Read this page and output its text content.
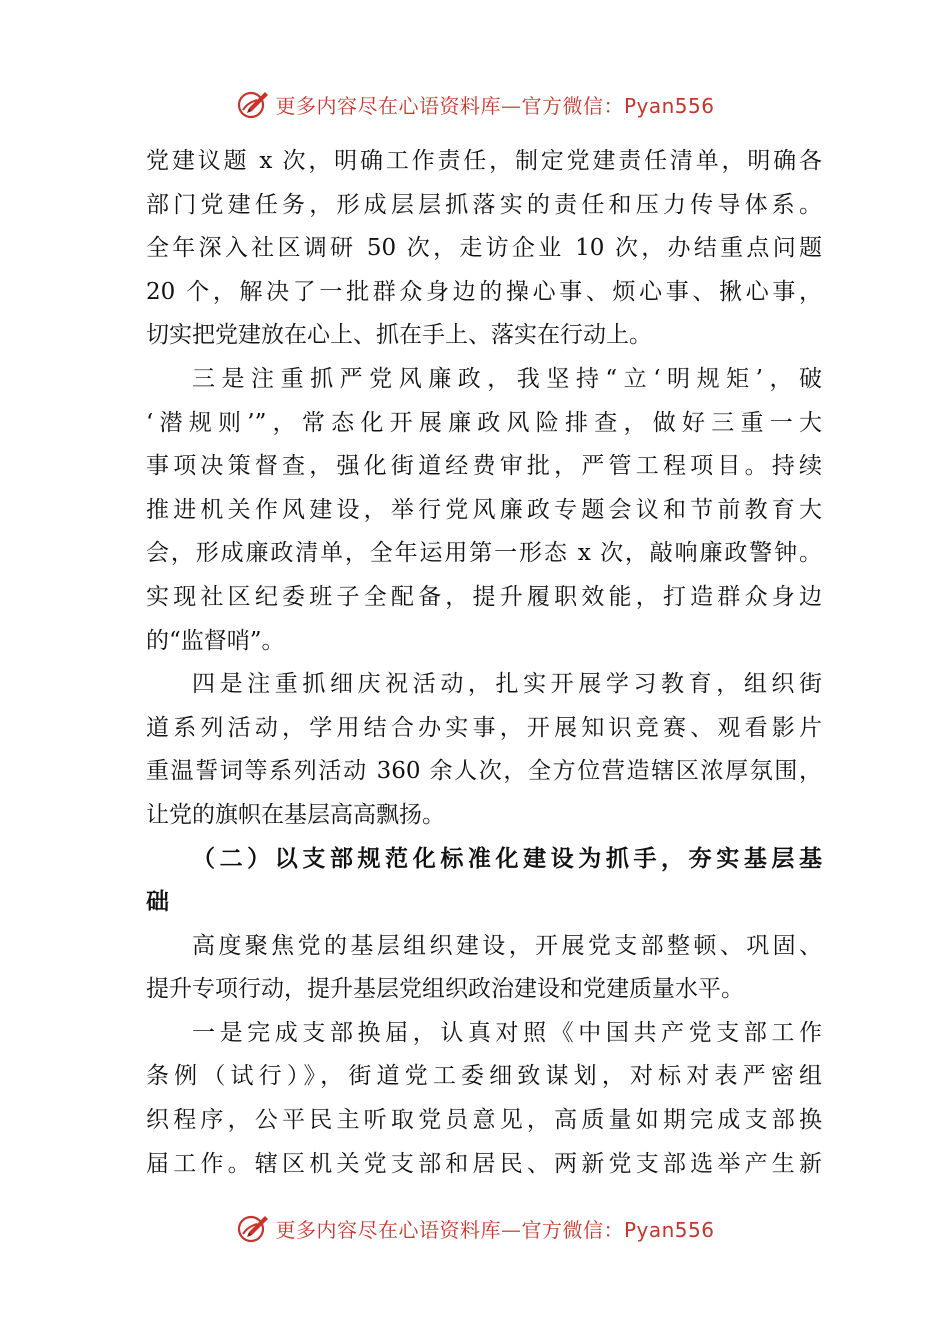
更多内容尽在心语资料库—官方微信：Pyan556
党建议题 x 次，明确工作责任，制定党建责任清单，明确各
部门党建任务，形成层层抓落实的责任和压力传导体系。
全年深入社区调研 50 次，走访企业 10 次，办结重点问题
20 个，解决了一批群众身边的操心事、烦心事、揪心事，
切实把党建放在心上、抓在手上、落实在行动上。
三是注重抓严党风廉政，我坚持“立‘明规矩’，破
‘潜规则’”，常态化开展廉政风险排查，做好三重一大
事项决策督查，强化街道经费审批，严管工程项目。持续
推进机关作风建设，举行党风廉政专题会议和节前教育大
会，形成廉政清单，全年运用第一形态 x 次，敲响廉政警钟。
实现社区纪委班子全配备，提升履职效能，打造群众身边
的“监督哨”。
四是注重抓细庆祝活动，扎实开展学习教育，组织街
道系列活动，学用结合办实事，开展知识竞赛、观看影片
重温誓词等系列活动 360 余人次，全方位营造辖区浓厚氛围，
让党的旗帜在基层高高飘扬。
（二）以支部规范化标准化建设为抓手，夯实基层基
础
高度聚焦党的基层组织建设，开展党支部整顿、巩固、
提升专项行动，提升基层党组织政治建设和党建质量水平。
一是完成支部换届，认真对照《中国共产党支部工作
条例（试行）》，街道党工委细致谋划，对标对表严密组
织程序，公平民主听取党员意见，高质量如期完成支部换
届工作。辖区机关党支部和居民、两新党支部选举产生新
更多内容尽在心语资料库—官方微信：Pyan556
